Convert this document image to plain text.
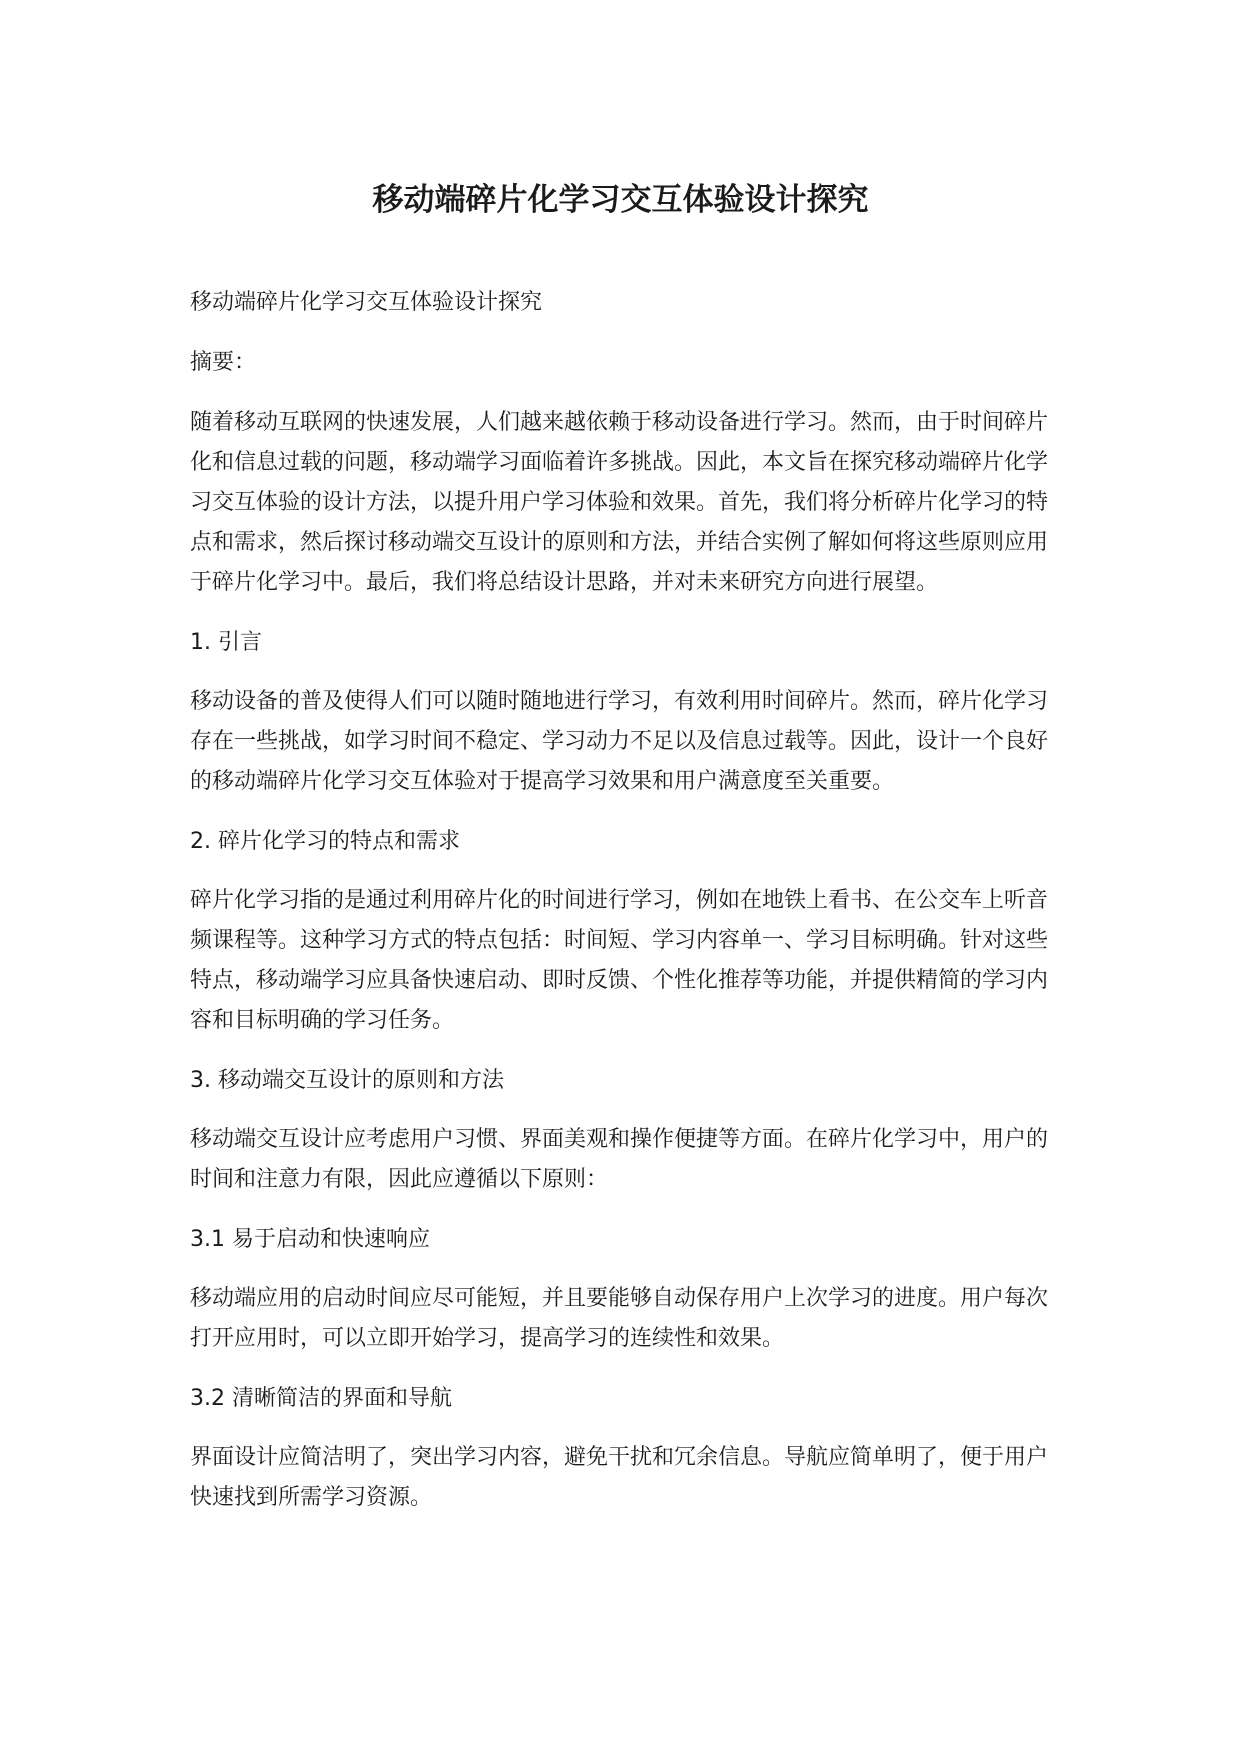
移动端碎片化学习交互体验设计探究

移动端碎片化学习交互体验设计探究

摘要：

随着移动互联网的快速发展，人们越来越依赖于移动设备进行学习。然而，由于时间碎片化和信息过载的问题，移动端学习面临着许多挑战。因此，本文旨在探究移动端碎片化学习交互体验的设计方法，以提升用户学习体验和效果。首先，我们将分析碎片化学习的特点和需求，然后探讨移动端交互设计的原则和方法，并结合实例了解如何将这些原则应用于碎片化学习中。最后，我们将总结设计思路，并对未来研究方向进行展望。

1. 引言

移动设备的普及使得人们可以随时随地进行学习，有效利用时间碎片。然而，碎片化学习存在一些挑战，如学习时间不稳定、学习动力不足以及信息过载等。因此，设计一个良好的移动端碎片化学习交互体验对于提高学习效果和用户满意度至关重要。

2. 碎片化学习的特点和需求

碎片化学习指的是通过利用碎片化的时间进行学习，例如在地铁上看书、在公交车上听音频课程等。这种学习方式的特点包括：时间短、学习内容单一、学习目标明确。针对这些特点，移动端学习应具备快速启动、即时反馈、个性化推荐等功能，并提供精简的学习内容和目标明确的学习任务。

3. 移动端交互设计的原则和方法

移动端交互设计应考虑用户习惯、界面美观和操作便捷等方面。在碎片化学习中，用户的时间和注意力有限，因此应遵循以下原则：

3.1 易于启动和快速响应

移动端应用的启动时间应尽可能短，并且要能够自动保存用户上次学习的进度。用户每次打开应用时，可以立即开始学习，提高学习的连续性和效果。

3.2 清晰简洁的界面和导航

界面设计应简洁明了，突出学习内容，避免干扰和冗余信息。导航应简单明了，便于用户快速找到所需学习资源。
